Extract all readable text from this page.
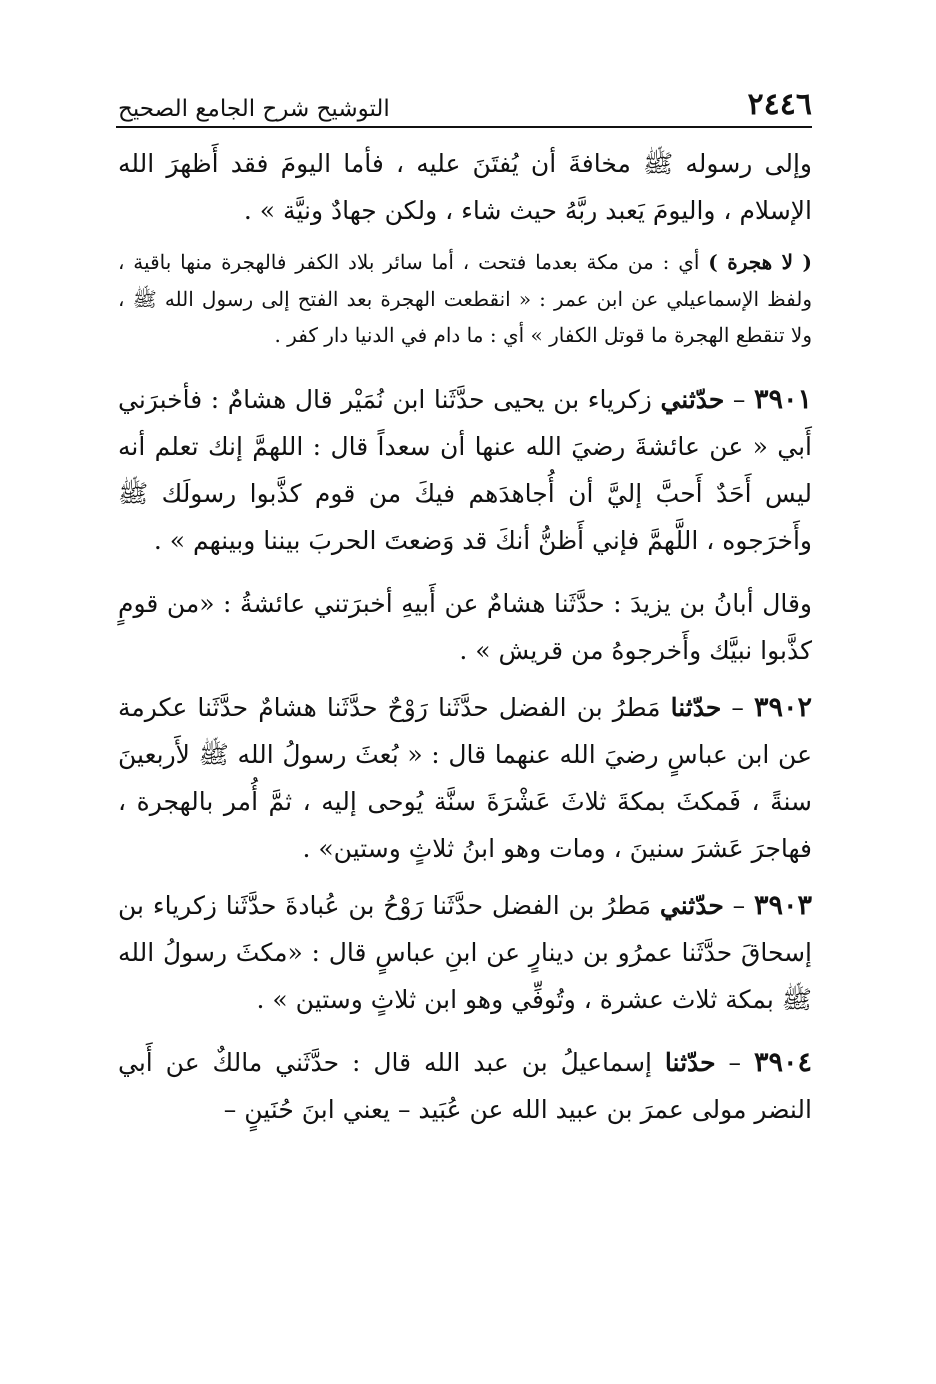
٢٤٤٦
التوشيح شرح الجامع الصحيح

وإلى رسوله ﷺ مخافةَ أن يُفتَنَ عليه ، فأما اليومَ فقد أَظهرَ الله الإسلام ، واليومَ يَعبد ربَّهُ حيث شاء ، ولكن جهادٌ ونيَّة » .

( لا هجرة ) أي : من مكة بعدما فتحت ، أما سائر بلاد الكفر فالهجرة منها باقية ، ولفظ الإسماعيلي عن ابن عمر : « انقطعت الهجرة بعد الفتح إلى رسول الله ﷺ ، ولا تنقطع الهجرة ما قوتل الكفار » أي : ما دام في الدنيا دار كفر .

٣٩٠١ – حدّثني زكرياء بن يحيى حدَّثَنا ابن نُمَيْر قال هشامٌ : فأخبرَني أَبي « عن عائشةَ رضيَ الله عنها أن سعداً قال : اللهمَّ إنك تعلم أنه ليس أَحَدٌ أَحبَّ إليَّ أن أُجاهدَهم فيكَ من قوم كذَّبوا رسولَك ﷺ وأَخرَجوه ، اللَّهمَّ فإني أَظنُّ أنكَ قد وَضعتَ الحربَ بيننا وبينهم » .

وقال أبانُ بن يزيدَ : حدَّثَنا هشامٌ عن أَبيهِ أخبرَتني عائشةُ : «من قومٍ كذَّبوا نبيَّك وأَخرجوهُ من قريش » .

٣٩٠٢ – حدّثنا مَطرُ بن الفضل حدَّثَنا رَوْحٌ حدَّثَنا هشامٌ حدَّثَنا عكرمة عن ابن عباسٍ رضيَ الله عنهما قال : « بُعثَ رسولُ الله ﷺ لأَربعينَ سنةً ، فَمكثَ بمكةَ ثلاثَ عَشْرَةَ سنَّة يُوحى إليه ، ثمَّ أُمر بالهجرة ، فهاجرَ عَشرَ سنينَ ، ومات وهو ابنُ ثلاثٍ وستين» .

٣٩٠٣ – حدّثني مَطرُ بن الفضل حدَّثَنا رَوْحُ بن عُبادةَ حدَّثَنا زكرياء بن إسحاقَ حدَّثَنا عمرُو بن دينارٍ عن ابنِ عباسٍ قال : «مكثَ رسولُ الله ﷺ بمكة ثلاث عشرة ، وتُوفِّي وهو ابن ثلاثٍ وستين » .

٣٩٠٤ – حدّثنا إسماعيلُ بن عبد الله قال : حدَّثَني مالكٌ عن أَبي النضر مولى عمرَ بن عبيد الله عن عُبَيد – يعني ابنَ حُنَينٍ –
